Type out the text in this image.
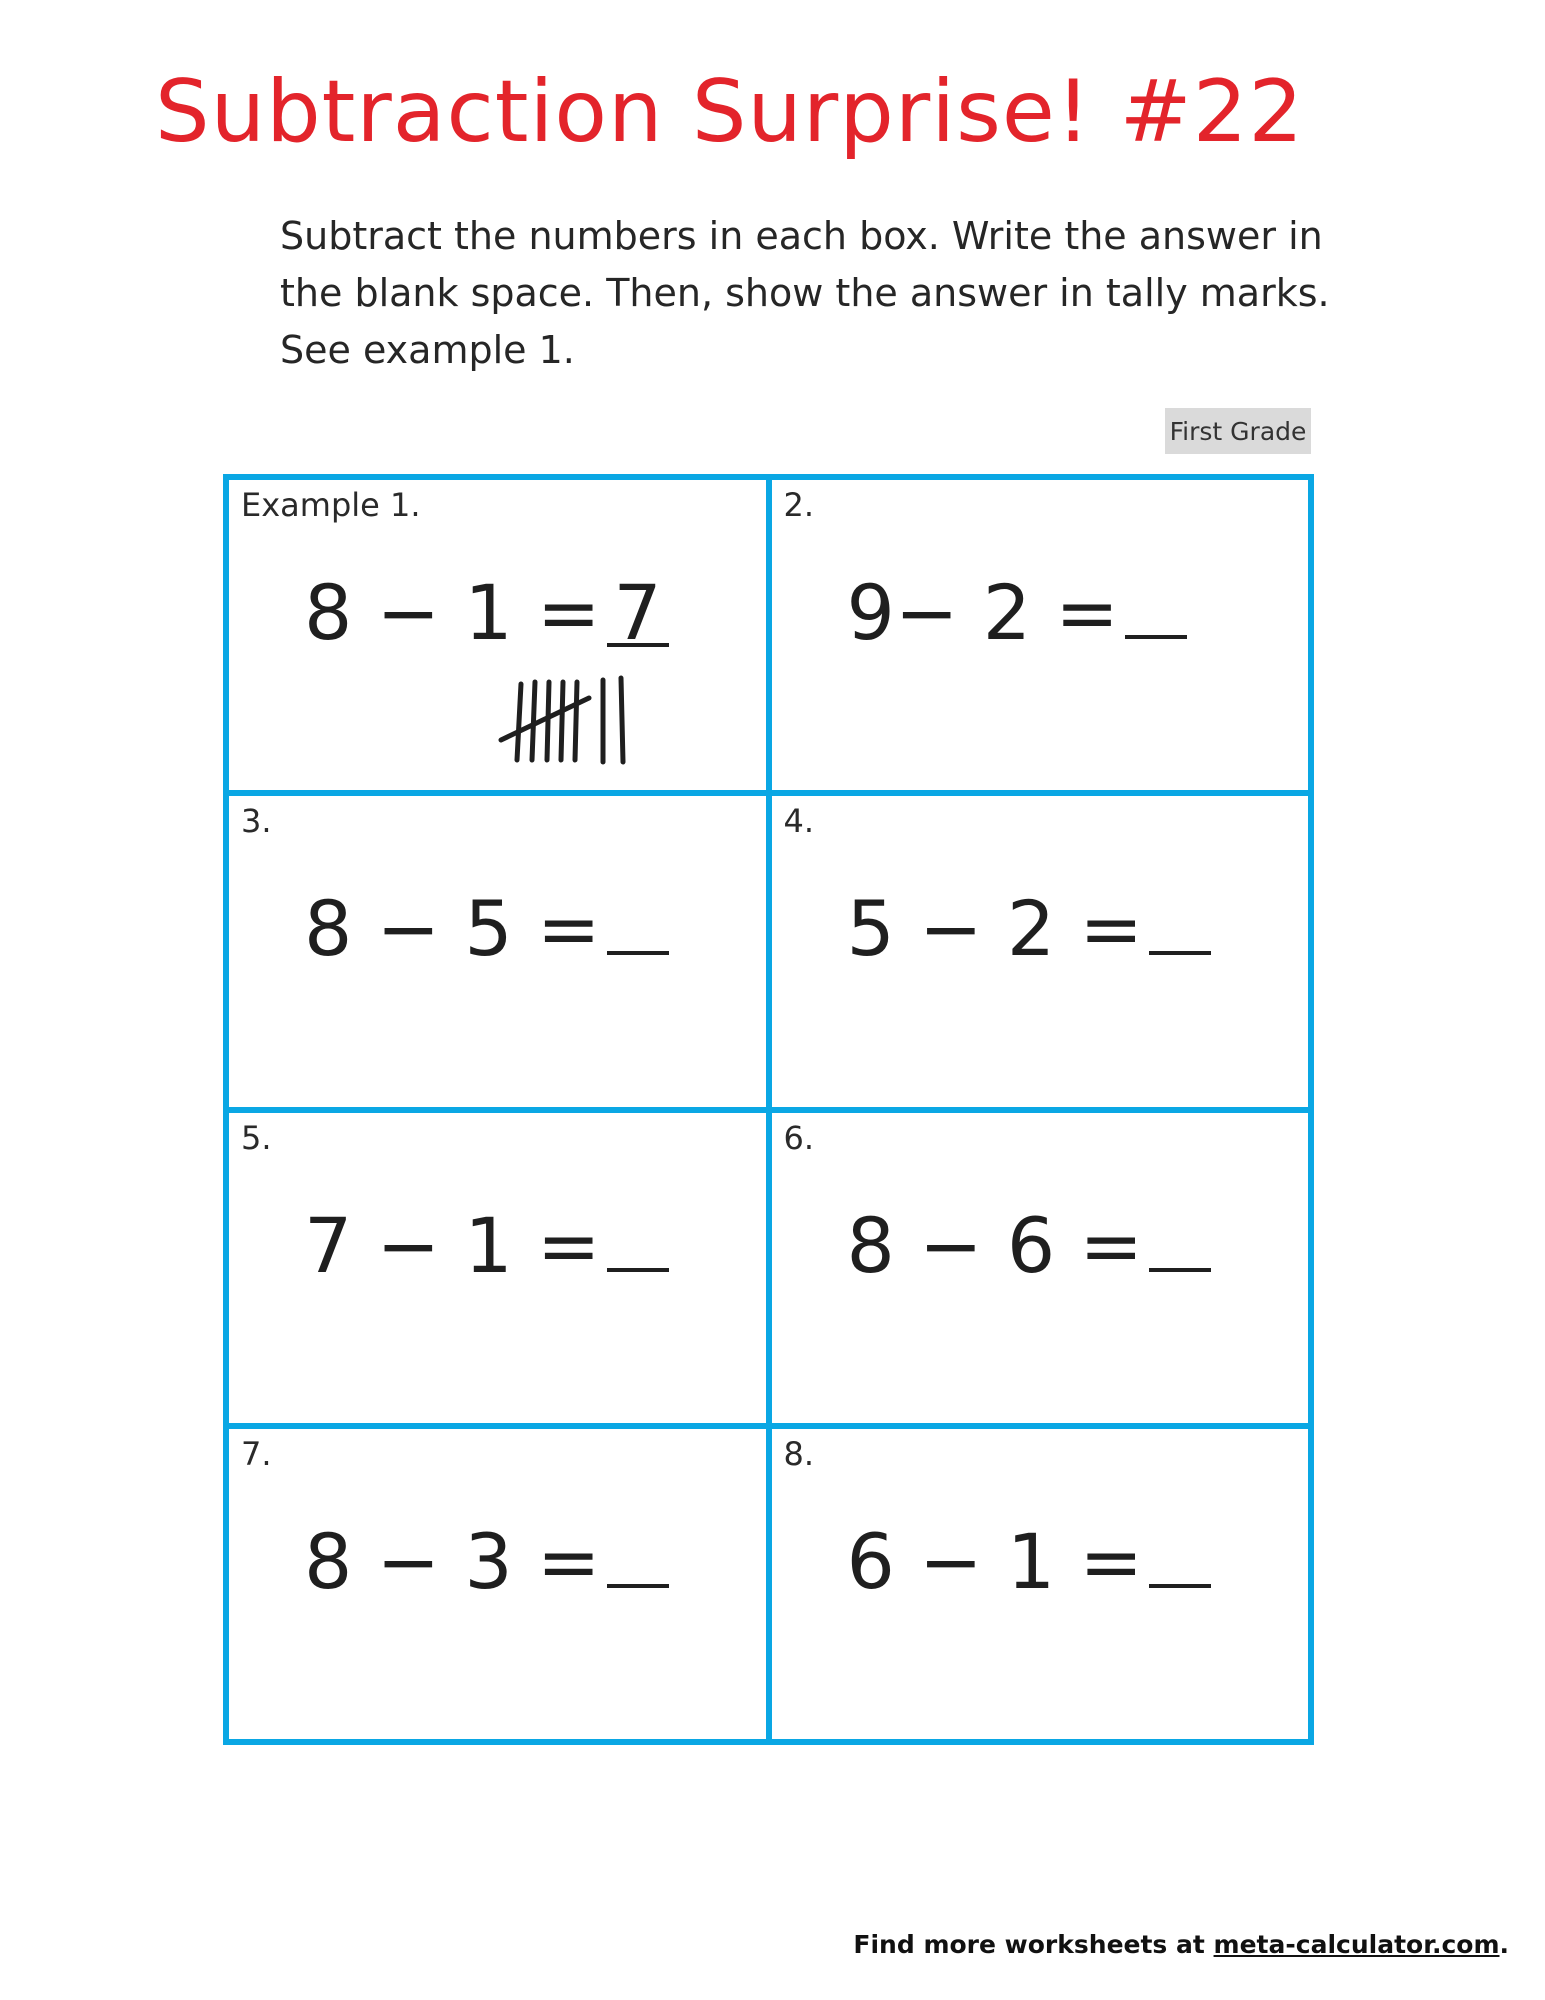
Subtraction Surprise! #22
Subtract the numbers in each box. Write the answer in the blank space. Then, show the answer in tally marks. See example 1.
First Grade
Example 1.
8 − 1 = 7
2.
9− 2 =
3.
8 − 5 =
4.
5 − 2 =
5.
7 − 1 =
6.
8 − 6 =
7.
8 − 3 =
8.
6 − 1 =
Find more worksheets at meta-calculator.com.
